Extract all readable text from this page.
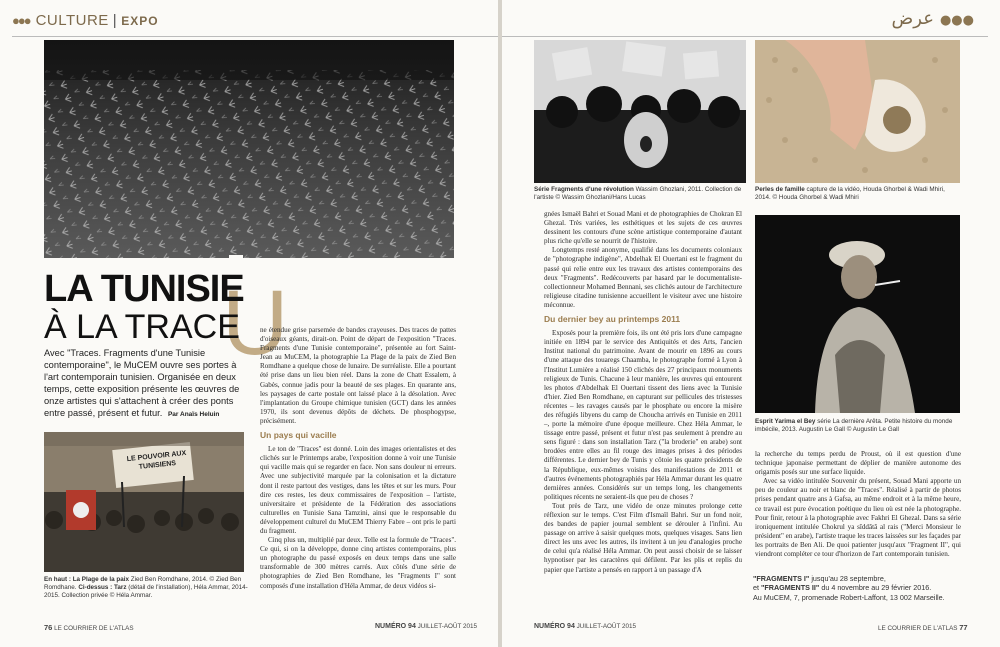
●●● CULTURE | EXPO
U
LA TUNISIE
À LA TRACE
Avec "Traces. Fragments d'une Tunisie contemporaine", le MuCEM ouvre ses portes à l'art contemporain tunisien. Organisée en deux temps, cette exposition présente les œuvres de onze artistes qui s'attachent à créer des ponts entre passé, présent et futur. Par Anaïs Heluin
LE POUVOIR AUX
TUNISIENS
En haut : La Plage de la paix Zied Ben Romdhane, 2014. © Zied Ben Romdhane. Ci-dessus : Tarz (détail de l'installation), Héla Ammar, 2014-2015. Collection privée © Héla Ammar.

ne étendue grise parsemée de bandes crayeuses. Des traces de pattes d'oiseaux géants, dirait-on. Point de départ de l'exposition "Traces. Fragments d'une Tunisie contemporaine", présentée au fort Saint-Jean au MuCEM, la photographie La Plage de la paix de Zied Ben Romdhane a quelque chose de lunaire. De surréaliste. Elle a pourtant été prise dans un lieu bien réel. Dans la zone de Chatt Essalem, à Gabès, connue jadis pour la beauté de ses plages. En quarante ans, les paysages de carte postale ont laissé place à la désolation. Avec l'implantation du Groupe chimique tunisien (GCT) dans les années 1970, ils sont devenus dépôts de déchets. De phosphogypse, précisément.

Un pays qui vacille

Le ton de "Traces" est donné. Loin des images orientalistes et des clichés sur le Printemps arabe, l'exposition donne à voir une Tunisie qui vacille mais qui se regarder en face. Non sans douleur ni erreurs. Avec une subjectivité marquée par la colonisation et la dictature dont il reste partout des vestiges, dans les têtes et sur les murs. Pour dire ces restes, les deux commissaires de l'exposition – l'artiste, universitaire et présidente de la Fédération des associations culturelles en Tunisie Sana Tamzini, ainsi que le responsable du développement culturel du MuCEM Thierry Fabre – ont pris le parti du fragment.

Cinq plus un, multiplié par deux. Telle est la formule de "Traces". Ce qui, si on la développe, donne cinq artistes contemporains, plus un photographe du passé exposés en deux temps dans une salle transformable de 300 mètres carrés. Aux côtés d'une série de photographies de Zied Ben Romdhane, les "Fragments I" sont composés d'une installation d'Héla Ammar, de deux vidéos si-

76 LE COURRIER DE L'ATLAS	NUMÉRO 94 JUILLET-AOÛT 2015
عرض ●●●
Série Fragments d'une révolution Wassim Ghozlani, 2011. Collection de l'artiste © Wassim Ghozlani/Hans Lucas
Perles de famille capture de la vidéo, Houda Ghorbel & Wadi Mhiri, 2014. © Houda Ghorbel & Wadi Mhiri
Esprit Yarima el Bey série La dernière Arêta. Petite histoire du monde imbécile, 2013. Augustin Le Gall © Augustin Le Gall

gnées Ismaël Bahri et Souad Mani et de photographies de Chokran El Ghezal. Très variées, les esthétiques et les sujets de ces œuvres dessinent les contours d'une scène artistique contemporaine d'autant plus riche qu'elle se nourrit de l'histoire.

Longtemps resté anonyme, qualifié dans les documents coloniaux de "photographe indigène", Abdelhak El Ouertani est le fragment du passé qui relie entre eux les travaux des artistes contemporains des deux "Fragments". Redécouverts par hasard par le documentaliste-collectionneur Mohamed Bennani, ses clichés autour de l'architecture religieuse citadine tunisienne accueillent le visiteur avec une histoire méconnue.

Du dernier bey au printemps 2011

Exposés pour la première fois, ils ont été pris lors d'une campagne initiée en 1894 par le service des Antiquités et des Arts, l'ancien Institut national du patrimoine. Avant de mourir en 1896 au cours d'une attaque des touaregs Chaamba, le photographe formé à Lyon à l'Institut Lumière a réalisé 150 clichés des 27 principaux monuments religieux de Tunis. Chacune à leur manière, les œuvres qui entourent les photos d'Abdelhak El Ouertani tissent des liens avec la Tunisie d'hier. Zied Ben Romdhane, en capturant sur pellicules des tristesses récentes – les ravages causés par le phosphate ou encore la misère des réfugiés libyens du camp de Choucha arrivés en Tunisie en 2011 –, porte la mémoire d'une époque meilleure. Chez Héla Ammar, le tissage entre passé, présent et futur n'est pas seulement à prendre au sens figuré : dans son installation Tarz ("la broderie" en arabe) sont brodées entre elles au fil rouge des images prises à des périodes différentes. Le dernier bey de Tunis y côtoie les quatre présidents de la République, eux-mêmes voisins des manifestations de 2011 et d'autres événements photographiés par Héla Ammar durant les quatre dernières années. Considérés sur un temps long, les changements politiques récents ne seraient-ils que peu de choses ?

Tout près de Tarz, une vidéo de onze minutes prolonge cette réflexion sur le temps. C'est Film d'Ismaïl Bahri. Sur un fond noir, des bandes de papier journal semblent se dérouler à l'infini. Au passage on arrive à saisir quelques mots, quelques visages. Sans lien direct les uns avec les autres, ils invitent à un jeu d'analogies proche de celui qu'a réalisé Héla Ammar. On peut aussi choisir de se laisser hypnotiser par les caractères qui défilent. Par les plis et replis du papier que l'artiste a pensés en rapport à un passage d'A

la recherche du temps perdu de Proust, où il est question d'une technique japonaise permettant de déplier de manière autonome des origamis posés sur une surface liquide.

Avec sa vidéo intitulée Souvenir du présent, Souad Mani apporte un peu de couleur au noir et blanc de "Traces". Réalisé à partir de photos prises pendant quatre ans à Gafsa, au même endroit et à la même heure, ce travail est pure évocation poétique du lieu où est née la photographe. Pour finir, retour à la photographie avec Fakhri El Ghezal. Dans sa série ironiquement intitulée Chokrul ya sîddâtâ al rais ("Merci Monsieur le président" en arabe), l'artiste traque les traces laissées sur les façades par les portraits de Ben Ali. De quoi patienter jusqu'aux "Fragment II", qui viendront compléter ce tour d'horizon de l'art contemporain tunisien.

"FRAGMENTS I" jusqu'au 28 septembre,
et "FRAGMENTS II" du 4 novembre au 29 février 2016.
Au MuCEM, 7, promenade Robert-Laffont, 13 002 Marseille.
NUMÉRO 94 JUILLET-AOÛT 2015	LE COURRIER DE L'ATLAS 77
